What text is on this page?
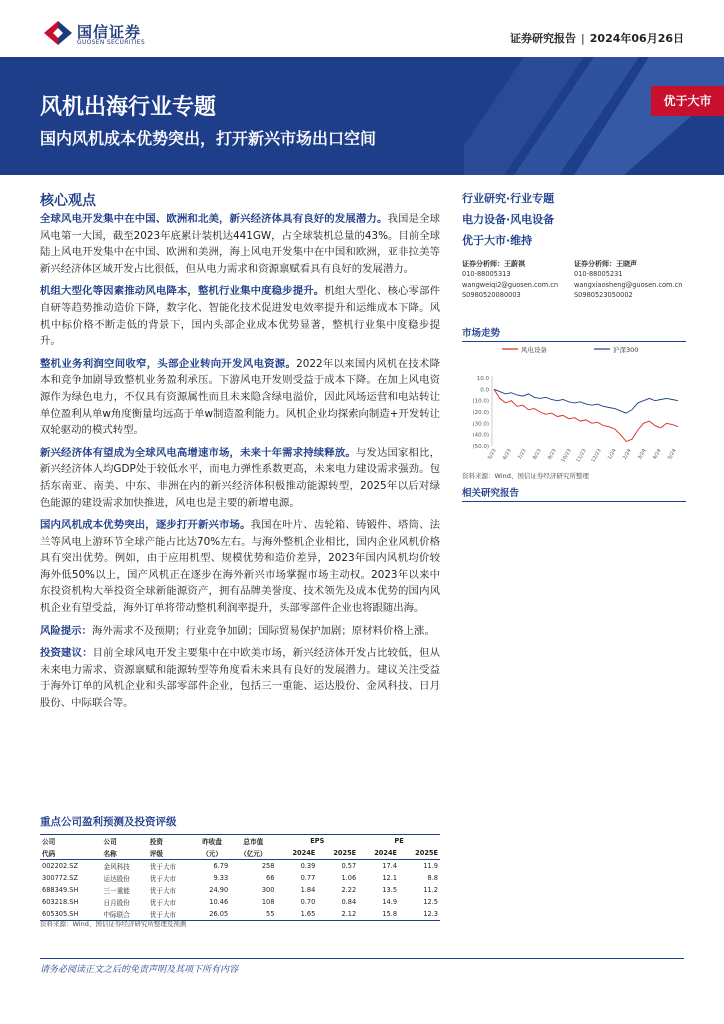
国信证券
GUOSEN SECURITIES	证券研究报告 | 2024年06月26日
风机出海行业专题
国内风机成本优势突出，打开新兴市场出口空间
优于大市
核心观点

全球风电开发集中在中国、欧洲和北美，新兴经济体具有良好的发展潜力。我国是全球风电第一大国，截至2023年底累计装机达441GW，占全球装机总量的43%。目前全球陆上风电开发集中在中国、欧洲和美洲，海上风电开发集中在中国和欧洲，亚非拉美等新兴经济体区域开发占比很低，但从电力需求和资源禀赋看具有良好的发展潜力。

机组大型化等因素推动风电降本，整机行业集中度稳步提升。机组大型化、核心零部件自研等趋势推动造价下降，数字化、智能化技术促进发电效率提升和运维成本下降。风机中标价格不断走低的背景下，国内头部企业成本优势显著，整机行业集中度稳步提升。

整机业务利润空间收窄，头部企业转向开发风电资源。2022年以来国内风机在技术降本和竞争加剧导致整机业务盈利承压。下游风电开发则受益于成本下降。在加上风电资源作为绿色电力，不仅具有资源属性而且未来隐含绿电溢价，因此风场运营和电站转让单位盈利从单w角度衡量均远高于单w制造盈利能力。风机企业均探索向制造+开发转让双轮驱动的模式转型。

新兴经济体有望成为全球风电高增速市场，未来十年需求持续释放。与发达国家相比，新兴经济体人均GDP处于较低水平，而电力弹性系数更高，未来电力建设需求强劲。包括东南亚、南美、中东、非洲在内的新兴经济体积极推动能源转型，2025年以后对绿色能源的建设需求加快推进，风电也是主要的新增电源。

国内风机成本优势突出，逐步打开新兴市场。我国在叶片、齿轮箱、铸锻件、塔筒、法兰等风电上游环节全球产能占比达70%左右。与海外整机企业相比，国内企业风机价格具有突出优势。例如，由于应用机型、规模优势和造价差异，2023年国内风机均价较海外低50%以上，国产风机正在逐步在海外新兴市场掌握市场主动权。2023年以来中东投资机构大举投资全球新能源资产，拥有品牌美誉度、技术领先及成本优势的国内风机企业有望受益，海外订单将带动整机利润率提升，头部零部件企业也将跟随出海。

风险提示：海外需求不及预期；行业竞争加剧；国际贸易保护加剧；原材料价格上涨。

投资建议：目前全球风电开发主要集中在中欧美市场，新兴经济体开发占比较低，但从未来电力需求、资源禀赋和能源转型等角度看未来具有良好的发展潜力。建议关注受益于海外订单的风机企业和头部零部件企业，包括三一重能、运达股份、金风科技、日月股份、中际联合等。

行业研究·行业专题
电力设备·风电设备
优于大市·维持
证券分析师：王蔚祺
010-88005313
wangweiqi2@guosen.com.cn
S0980520080003
证券分析师：王晓声
010-88005231
wangxiaosheng@guosen.com.cn
S0980523050002
市场走势
风电设备	沪深300
10.0
0.0
(10.0)
(20.0)
(30.0)
(40.0)
(50.0)
5/23 6/23 7/23 8/23 9/23 10/23 11/23 12/23 1/24 2/24 3/24 4/24 5/24
资料来源：Wind、国信证券经济研究所整理
相关研究报告
重点公司盈利预测及投资评级
公司	公司	投资	昨收盘	总市值	EPS		PE	
代码	名称	评级	（元）	（亿元）	2024E	2025E	2024E	2025E
002202.SZ	金风科技	优于大市	6.79	258	0.39	0.57	17.4	11.9
300772.SZ	运达股份	优于大市	9.33	66	0.77	1.06	12.1	8.8
688349.SH	三一重能	优于大市	24.90	300	1.84	2.22	13.5	11.2
603218.SH	日月股份	优于大市	10.46	108	0.70	0.84	14.9	12.5
605305.SH	中际联合	优于大市	26.05	55	1.65	2.12	15.8	12.3
资料来源：Wind、国信证券经济研究所整理及预测
请务必阅读正文之后的免责声明及其项下所有内容
